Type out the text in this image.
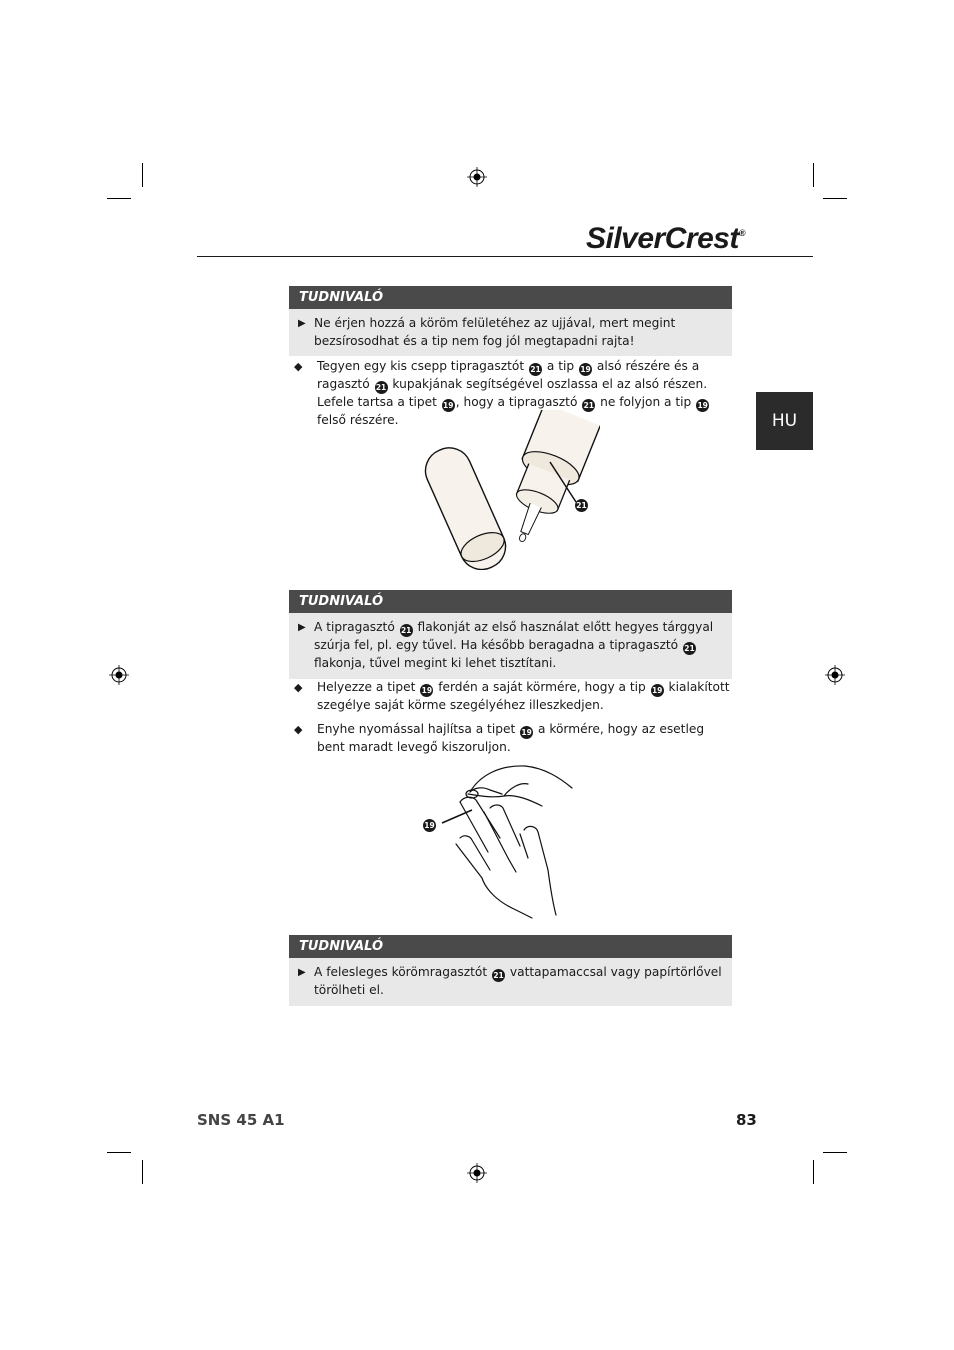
SilverCrest®
HU
TUDNIVALÓ
▶ Ne érjen hozzá a köröm felületéhez az ujjával, mert megint bezsírosodhat és a tip nem fog jól megtapadni rajta!
◆ Tegyen egy kis csepp tipragasztót 21 a tip 19 alsó részére és a ragasztó 21 kupakjának segítségével oszlassa el az alsó részen. Lefele tartsa a tipet 19 , hogy a tipragasztó 21 ne folyjon a tip 19 felső részére.
21
TUDNIVALÓ
▶ A tipragasztó 21 flakonját az első használat előtt hegyes tárggyal szúrja fel, pl. egy tűvel. Ha később beragadna a tipragasztó 21 flakonja, tűvel megint ki lehet tisztítani.
◆ Helyezze a tipet 19 ferdén a saját körmére, hogy a tip 19 kialakított szegélye saját körme szegélyéhez illeszkedjen.
◆ Enyhe nyomással hajlítsa a tipet 19 a körmére, hogy az esetleg bent maradt levegő kiszoruljon.
19
TUDNIVALÓ
▶ A felesleges körömragasztót 21 vattapamaccsal vagy papírtörlővel törölheti el.
SNS 45 A1	83
